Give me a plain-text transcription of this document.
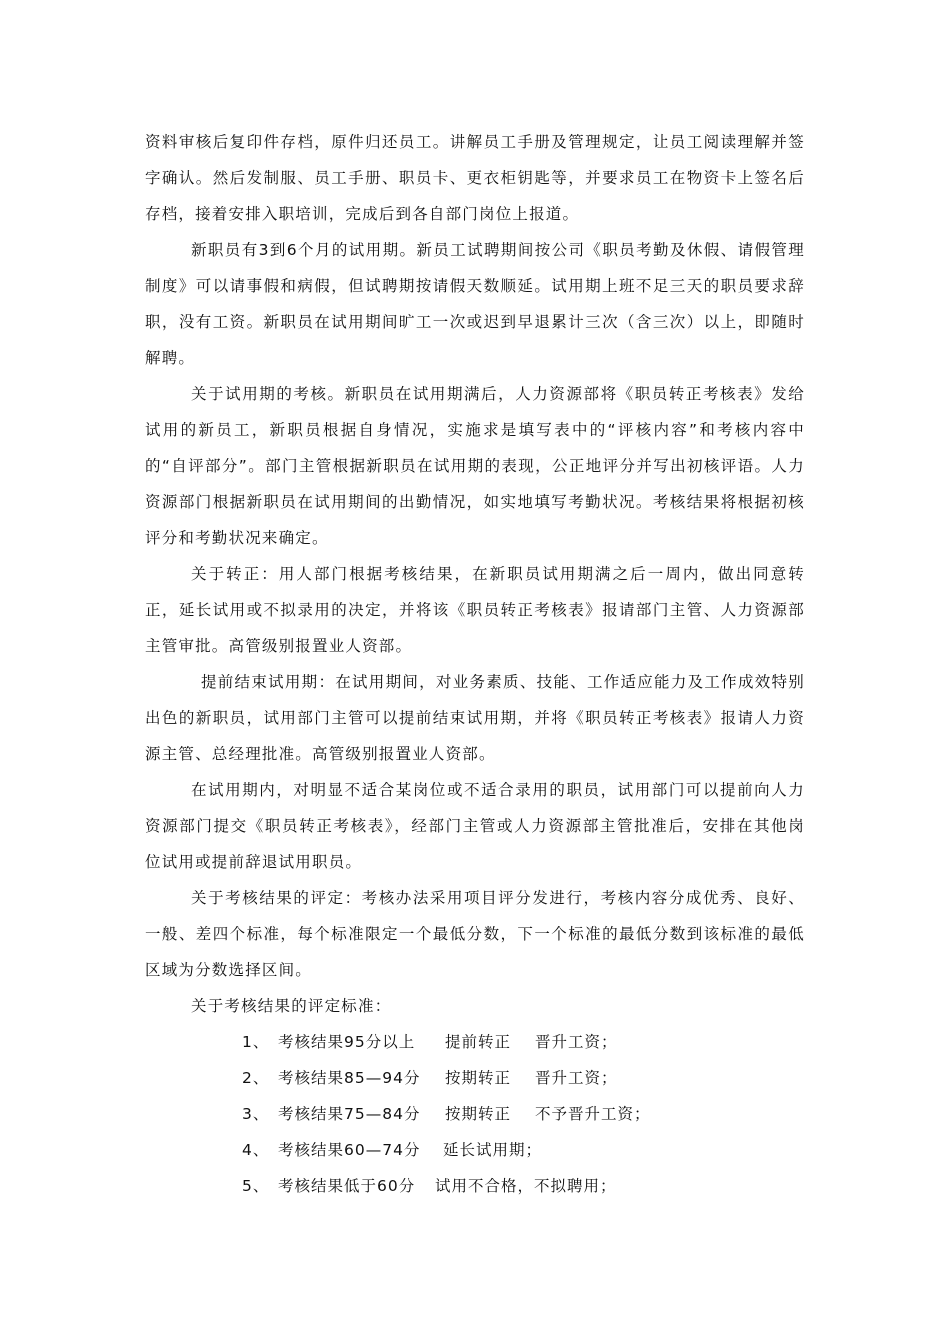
资料审核后复印件存档，原件归还员工。讲解员工手册及管理规定，让员工阅读理解并签字确认。然后发制服、员工手册、职员卡、更衣柜钥匙等，并要求员工在物资卡上签名后存档，接着安排入职培训，完成后到各自部门岗位上报道。

新职员有3到6个月的试用期。新员工试聘期间按公司《职员考勤及休假、请假管理制度》可以请事假和病假，但试聘期按请假天数顺延。试用期上班不足三天的职员要求辞职，没有工资。新职员在试用期间旷工一次或迟到早退累计三次（含三次）以上，即随时解聘。

关于试用期的考核。新职员在试用期满后，人力资源部将《职员转正考核表》发给试用的新员工，新职员根据自身情况，实施求是填写表中的“评核内容”和考核内容中的“自评部分”。部门主管根据新职员在试用期的表现，公正地评分并写出初核评语。人力资源部门根据新职员在试用期间的出勤情况，如实地填写考勤状况。考核结果将根据初核评分和考勤状况来确定。

关于转正：用人部门根据考核结果，在新职员试用期满之后一周内，做出同意转正，延长试用或不拟录用的决定，并将该《职员转正考核表》报请部门主管、人力资源部主管审批。高管级别报置业人资部。

提前结束试用期：在试用期间，对业务素质、技能、工作适应能力及工作成效特别出色的新职员，试用部门主管可以提前结束试用期，并将《职员转正考核表》报请人力资源主管、总经理批准。高管级别报置业人资部。

在试用期内，对明显不适合某岗位或不适合录用的职员，试用部门可以提前向人力资源部门提交《职员转正考核表》，经部门主管或人力资源部主管批准后，安排在其他岗位试用或提前辞退试用职员。

关于考核结果的评定：考核办法采用项目评分发进行，考核内容分成优秀、良好、一般、差四个标准，每个标准限定一个最低分数，下一个标准的最低分数到该标准的最低区域为分数选择区间。

关于考核结果的评定标准：

1、 考核结果95分以上 提前转正 晋升工资；
2、 考核结果85—94分 按期转正 晋升工资；
3、 考核结果75—84分 按期转正 不予晋升工资；
4、 考核结果60—74分 延长试用期；
5、 考核结果低于60分 试用不合格，不拟聘用；
